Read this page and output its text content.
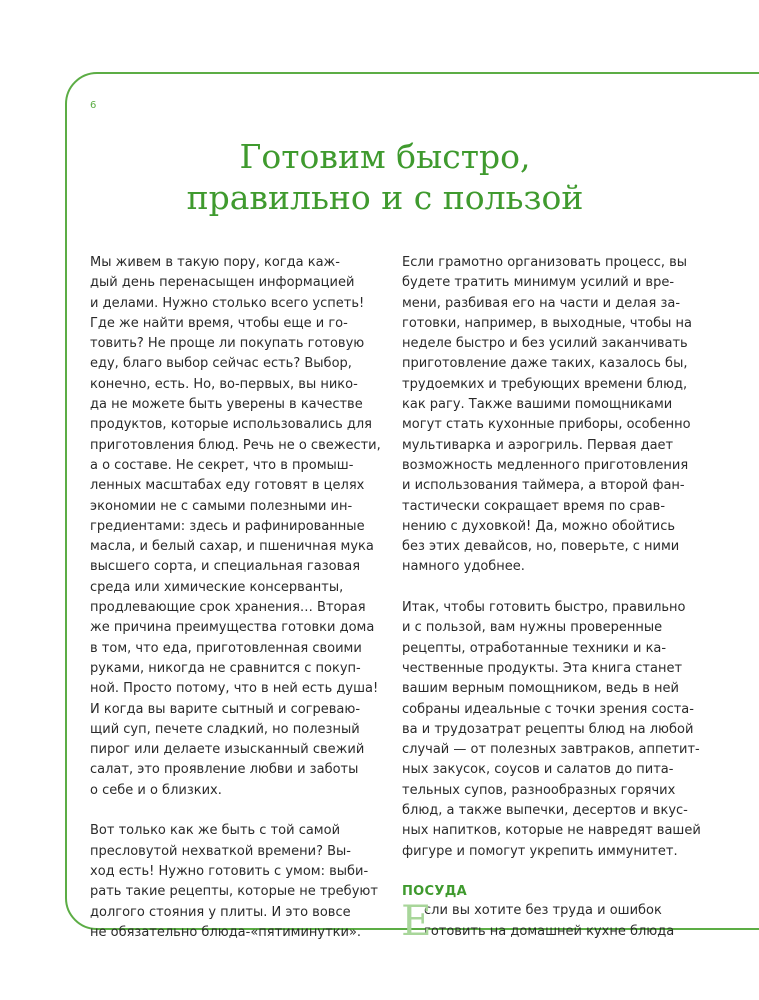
6
Готовим быстро,
правильно и с пользой

Мы живем в такую пору, когда каж-
дый день перенасыщен информацией
и делами. Нужно столько всего успеть!
Где же найти время, чтобы еще и го-
товить? Не проще ли покупать готовую
еду, благо выбор сейчас есть? Выбор,
конечно, есть. Но, во-первых, вы нико-
да не можете быть уверены в качестве
продуктов, которые использовались для
приготовления блюд. Речь не о свежести,
а о составе. Не секрет, что в промыш-
ленных масштабах еду готовят в целях
экономии не с самыми полезными ин-
гредиентами: здесь и рафинированные
масла, и белый сахар, и пшеничная мука
высшего сорта, и специальная газовая
среда или химические консерванты,
продлевающие срок хранения… Вторая
же причина преимущества готовки дома
в том, что еда, приготовленная своими
руками, никогда не сравнится с покуп-
ной. Просто потому, что в ней есть душа!
И когда вы варите сытный и согреваю-
щий суп, печете сладкий, но полезный
пирог или делаете изысканный свежий
салат, это проявление любви и заботы
о себе и о близких.

Вот только как же быть с той самой
пресловутой нехваткой времени? Вы-
ход есть! Нужно готовить с умом: выби-
рать такие рецепты, которые не требуют
долгого стояния у плиты. И это вовсе
не обязательно блюда-«пятиминутки».

Если грамотно организовать процесс, вы
будете тратить минимум усилий и вре-
мени, разбивая его на части и делая за-
готовки, например, в выходные, чтобы на
неделе быстро и без усилий заканчивать
приготовление даже таких, казалось бы,
трудоемких и требующих времени блюд,
как рагу. Также вашими помощниками
могут стать кухонные приборы, особенно
мультиварка и аэрогриль. Первая дает
возможность медленного приготовления
и использования таймера, а второй фан-
тастически сокращает время по срав-
нению с духовкой! Да, можно обойтись
без этих девайсов, но, поверьте, с ними
намного удобнее.

Итак, чтобы готовить быстро, правильно
и с пользой, вам нужны проверенные
рецепты, отработанные техники и ка-
чественные продукты. Эта книга станет
вашим верным помощником, ведь в ней
собраны идеальные с точки зрения соста-
ва и трудозатрат рецепты блюд на любой
случай — от полезных завтраков, аппетит-
ных закусок, соусов и салатов до пита-
тельных супов, разнообразных горячих
блюд, а также выпечки, десертов и вкус-
ных напитков, которые не навредят вашей
фигуре и помогут укрепить иммунитет.

ПОСУДА

Е
сли вы хотите без труда и ошибок
готовить на домашней кухне блюда
